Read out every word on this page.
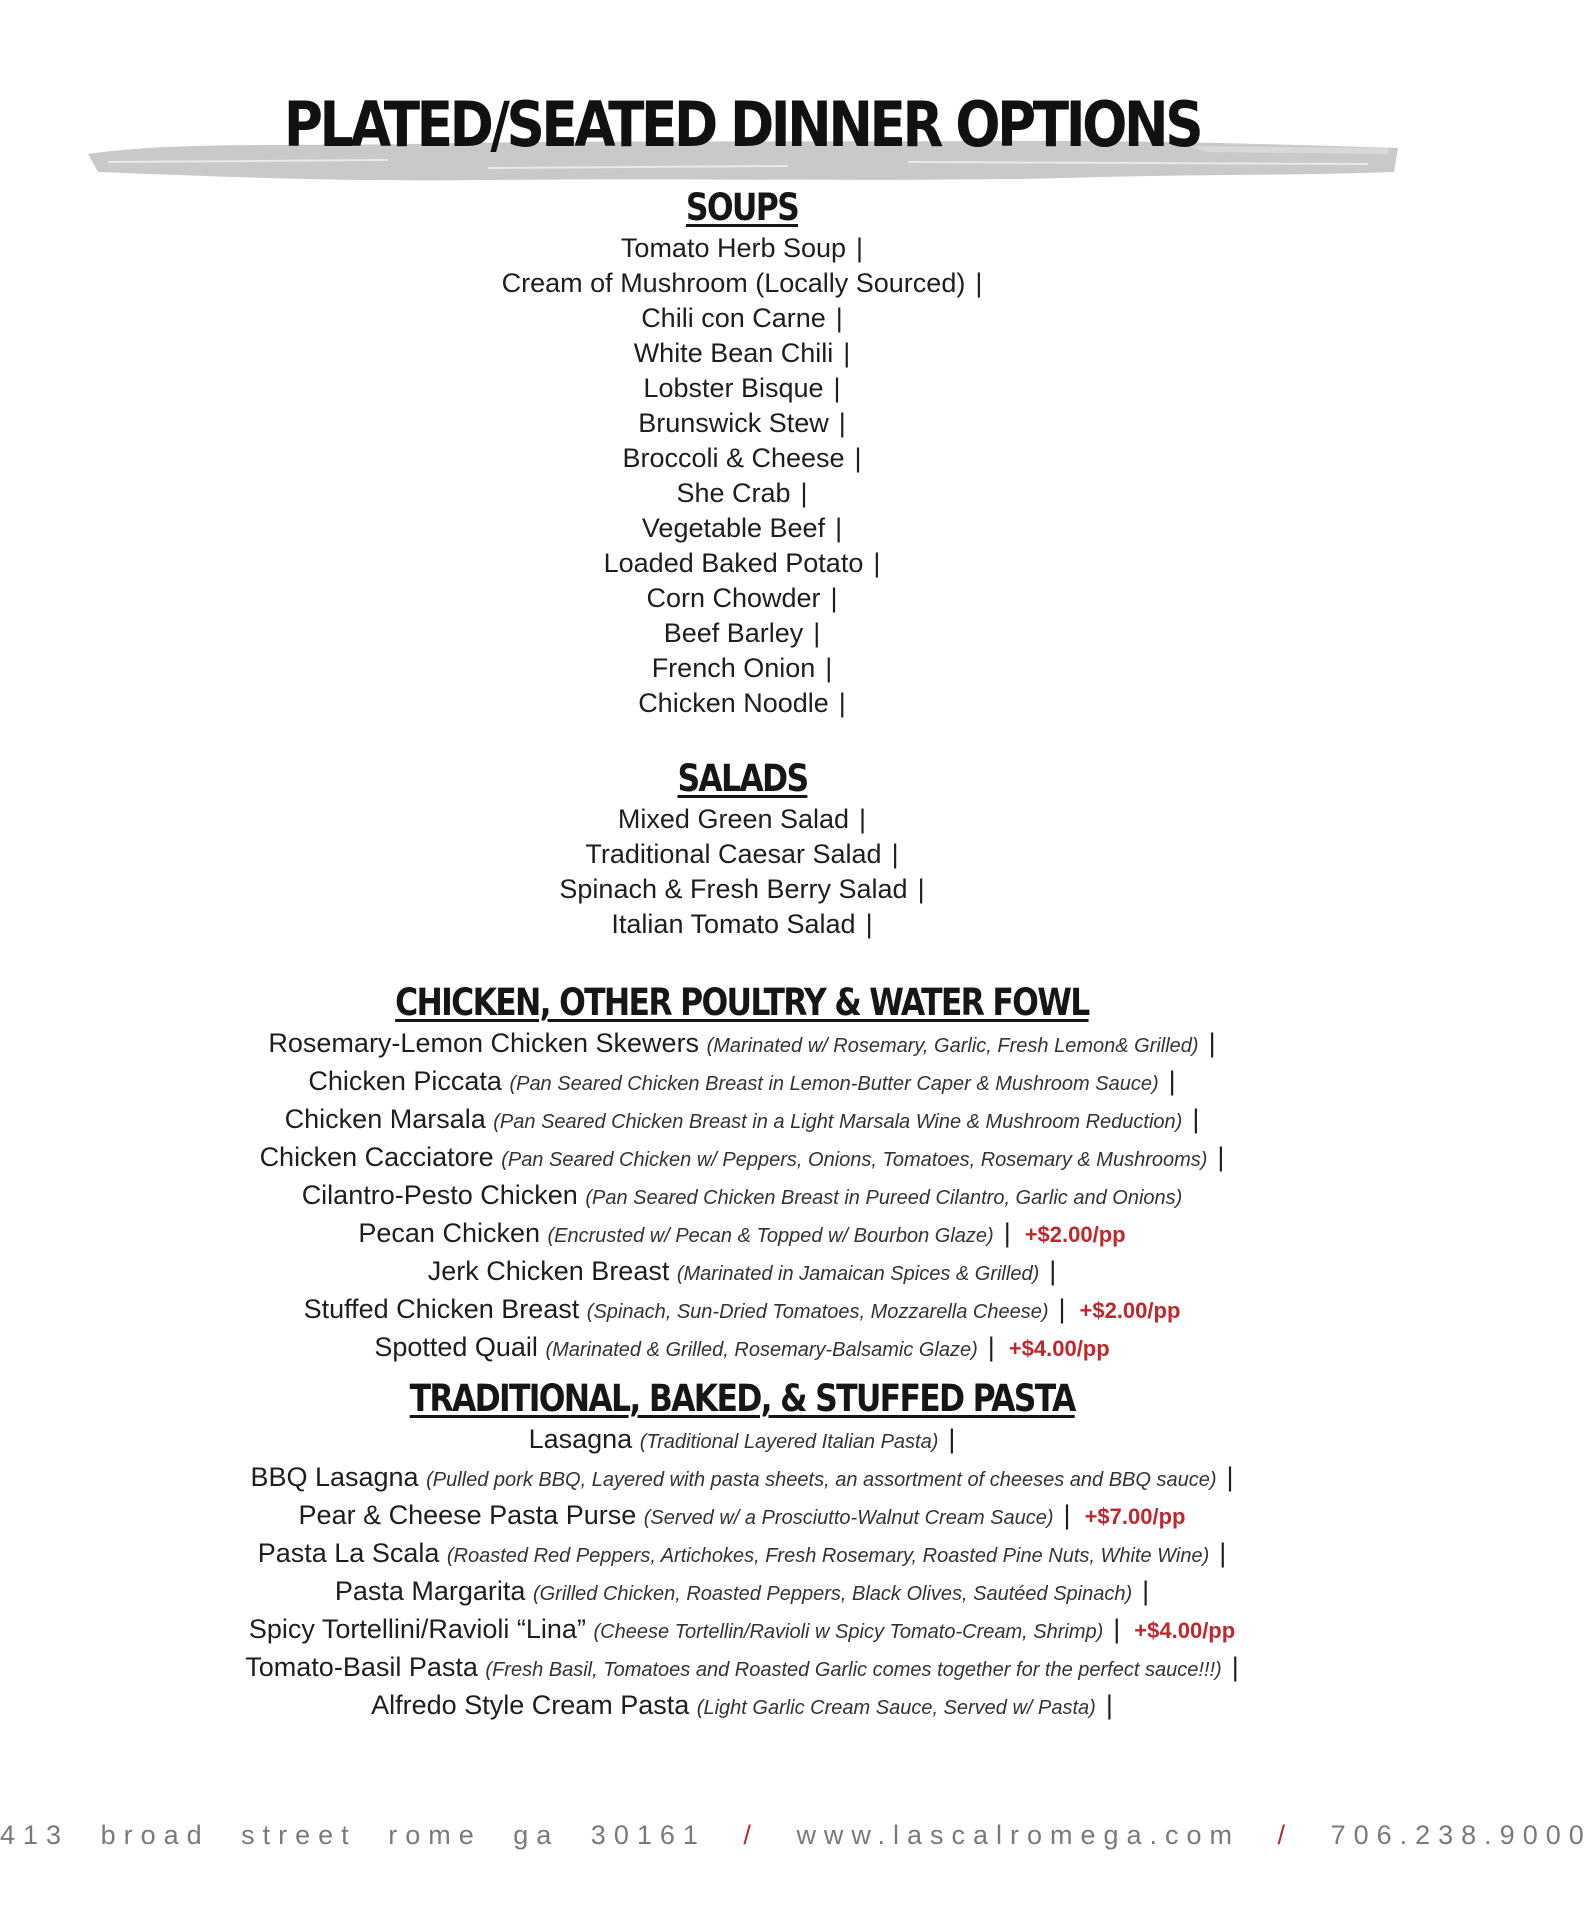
PLATED/SEATED DINNER OPTIONS
SOUPS
Tomato Herb Soup |
Cream of Mushroom (Locally Sourced) |
Chili con Carne |
White Bean Chili |
Lobster Bisque |
Brunswick Stew |
Broccoli & Cheese |
She Crab |
Vegetable Beef |
Loaded Baked Potato |
Corn Chowder |
Beef Barley |
French Onion |
Chicken Noodle |
SALADS
Mixed Green Salad |
Traditional Caesar Salad |
Spinach & Fresh Berry Salad |
Italian Tomato Salad |
CHICKEN, OTHER POULTRY & WATER FOWL
Rosemary-Lemon Chicken Skewers (Marinated w/ Rosemary, Garlic, Fresh Lemon& Grilled) |
Chicken Piccata (Pan Seared Chicken Breast in Lemon-Butter Caper & Mushroom Sauce) |
Chicken Marsala (Pan Seared Chicken Breast in a Light Marsala Wine & Mushroom Reduction) |
Chicken Cacciatore (Pan Seared Chicken w/ Peppers, Onions, Tomatoes, Rosemary & Mushrooms) |
Cilantro-Pesto Chicken (Pan Seared Chicken Breast in Pureed Cilantro, Garlic and Onions)
Pecan Chicken (Encrusted w/ Pecan & Topped w/ Bourbon Glaze) | +$2.00/pp
Jerk Chicken Breast (Marinated in Jamaican Spices & Grilled) |
Stuffed Chicken Breast (Spinach, Sun-Dried Tomatoes, Mozzarella Cheese) | +$2.00/pp
Spotted Quail (Marinated & Grilled, Rosemary-Balsamic Glaze) | +$4.00/pp
TRADITIONAL, BAKED, & STUFFED PASTA
Lasagna (Traditional Layered Italian Pasta) |
BBQ Lasagna (Pulled pork BBQ, Layered with pasta sheets, an assortment of cheeses and BBQ sauce) |
Pear & Cheese Pasta Purse (Served w/ a Prosciutto-Walnut Cream Sauce) | +$7.00/pp
Pasta La Scala (Roasted Red Peppers, Artichokes, Fresh Rosemary, Roasted Pine Nuts, White Wine) |
Pasta Margarita (Grilled Chicken, Roasted Peppers, Black Olives, Sautéed Spinach) |
Spicy Tortellini/Ravioli “Lina” (Cheese Tortellin/Ravioli w Spicy Tomato-Cream, Shrimp) | +$4.00/pp
Tomato-Basil Pasta (Fresh Basil, Tomatoes and Roasted Garlic comes together for the perfect sauce!!!) |
Alfredo Style Cream Pasta (Light Garlic Cream Sauce, Served w/ Pasta) |
413 broad street rome ga 30161 / www.lascalromega.com / 706.238.9000
